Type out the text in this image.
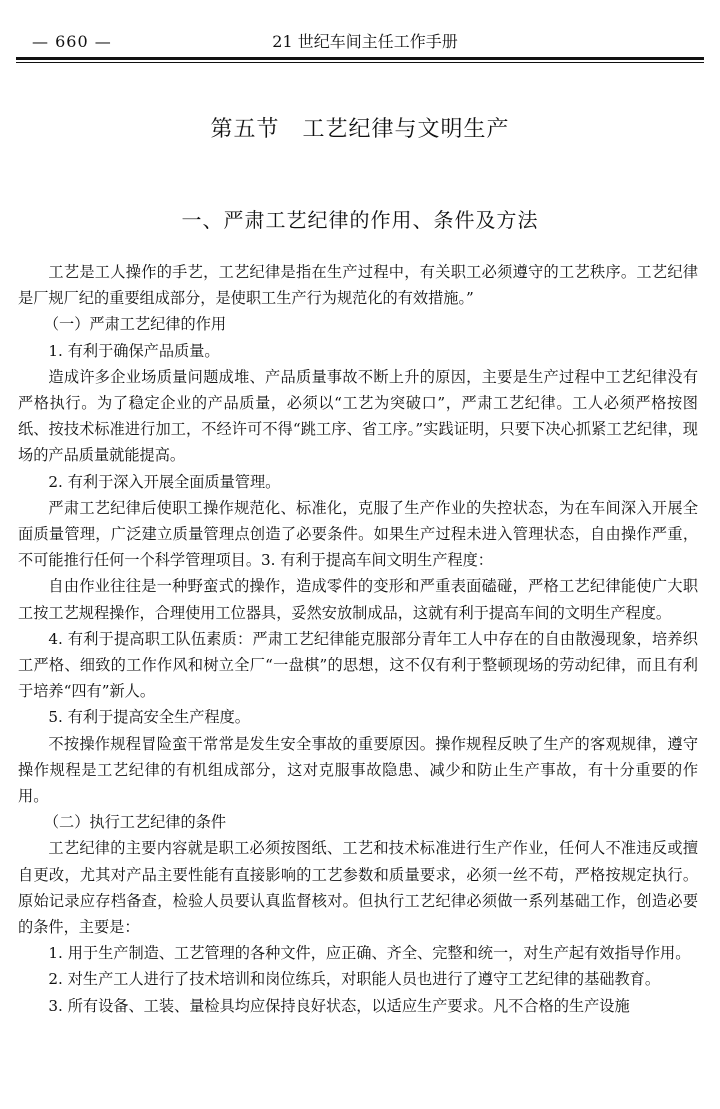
— 660 —	21 世纪车间主任工作手册
第五节　工艺纪律与文明生产
一、严肃工艺纪律的作用、条件及方法

工艺是工人操作的手艺，工艺纪律是指在生产过程中，有关职工必须遵守的工艺秩序。工艺纪律是厂规厂纪的重要组成部分，是使职工生产行为规范化的有效措施。”

（一）严肃工艺纪律的作用

1. 有利于确保产品质量。

造成许多企业场质量问题成堆、产品质量事故不断上升的原因，主要是生产过程中工艺纪律没有严格执行。为了稳定企业的产品质量，必须以“工艺为突破口”，严肃工艺纪律。工人必须严格按图纸、按技术标准进行加工，不经许可不得“跳工序、省工序。”实践证明，只要下决心抓紧工艺纪律，现场的产品质量就能提高。

2. 有利于深入开展全面质量管理。

严肃工艺纪律后使职工操作规范化、标准化，克服了生产作业的失控状态，为在车间深入开展全面质量管理，广泛建立质量管理点创造了必要条件。如果生产过程未进入管理状态，自由操作严重，不可能推行任何一个科学管理项目。3. 有利于提高车间文明生产程度：

自由作业往往是一种野蛮式的操作，造成零件的变形和严重表面磕碰，严格工艺纪律能使广大职工按工艺规程操作，合理使用工位器具，妥然安放制成品，这就有利于提高车间的文明生产程度。

4. 有利于提高职工队伍素质：严肃工艺纪律能克服部分青年工人中存在的自由散漫现象，培养织工严格、细致的工作作风和树立全厂“一盘棋”的思想，这不仅有利于整顿现场的劳动纪律，而且有利于培养“四有”新人。

5. 有利于提高安全生产程度。

不按操作规程冒险蛮干常常是发生安全事故的重要原因。操作规程反映了生产的客观规律，遵守操作规程是工艺纪律的有机组成部分，这对克服事故隐患、减少和防止生产事故，有十分重要的作用。

（二）执行工艺纪律的条件

工艺纪律的主要内容就是职工必须按图纸、工艺和技术标准进行生产作业，任何人不准违反或擅自更改，尤其对产品主要性能有直接影响的工艺参数和质量要求，必须一丝不苟，严格按规定执行。原始记录应存档备查，检验人员要认真监督核对。但执行工艺纪律必须做一系列基础工作，创造必要的条件，主要是：

1. 用于生产制造、工艺管理的各种文件，应正确、齐全、完整和统一，对生产起有效指导作用。

2. 对生产工人进行了技术培训和岗位练兵，对职能人员也进行了遵守工艺纪律的基础教育。

3. 所有设备、工装、量检具均应保持良好状态，以适应生产要求。凡不合格的生产设施
